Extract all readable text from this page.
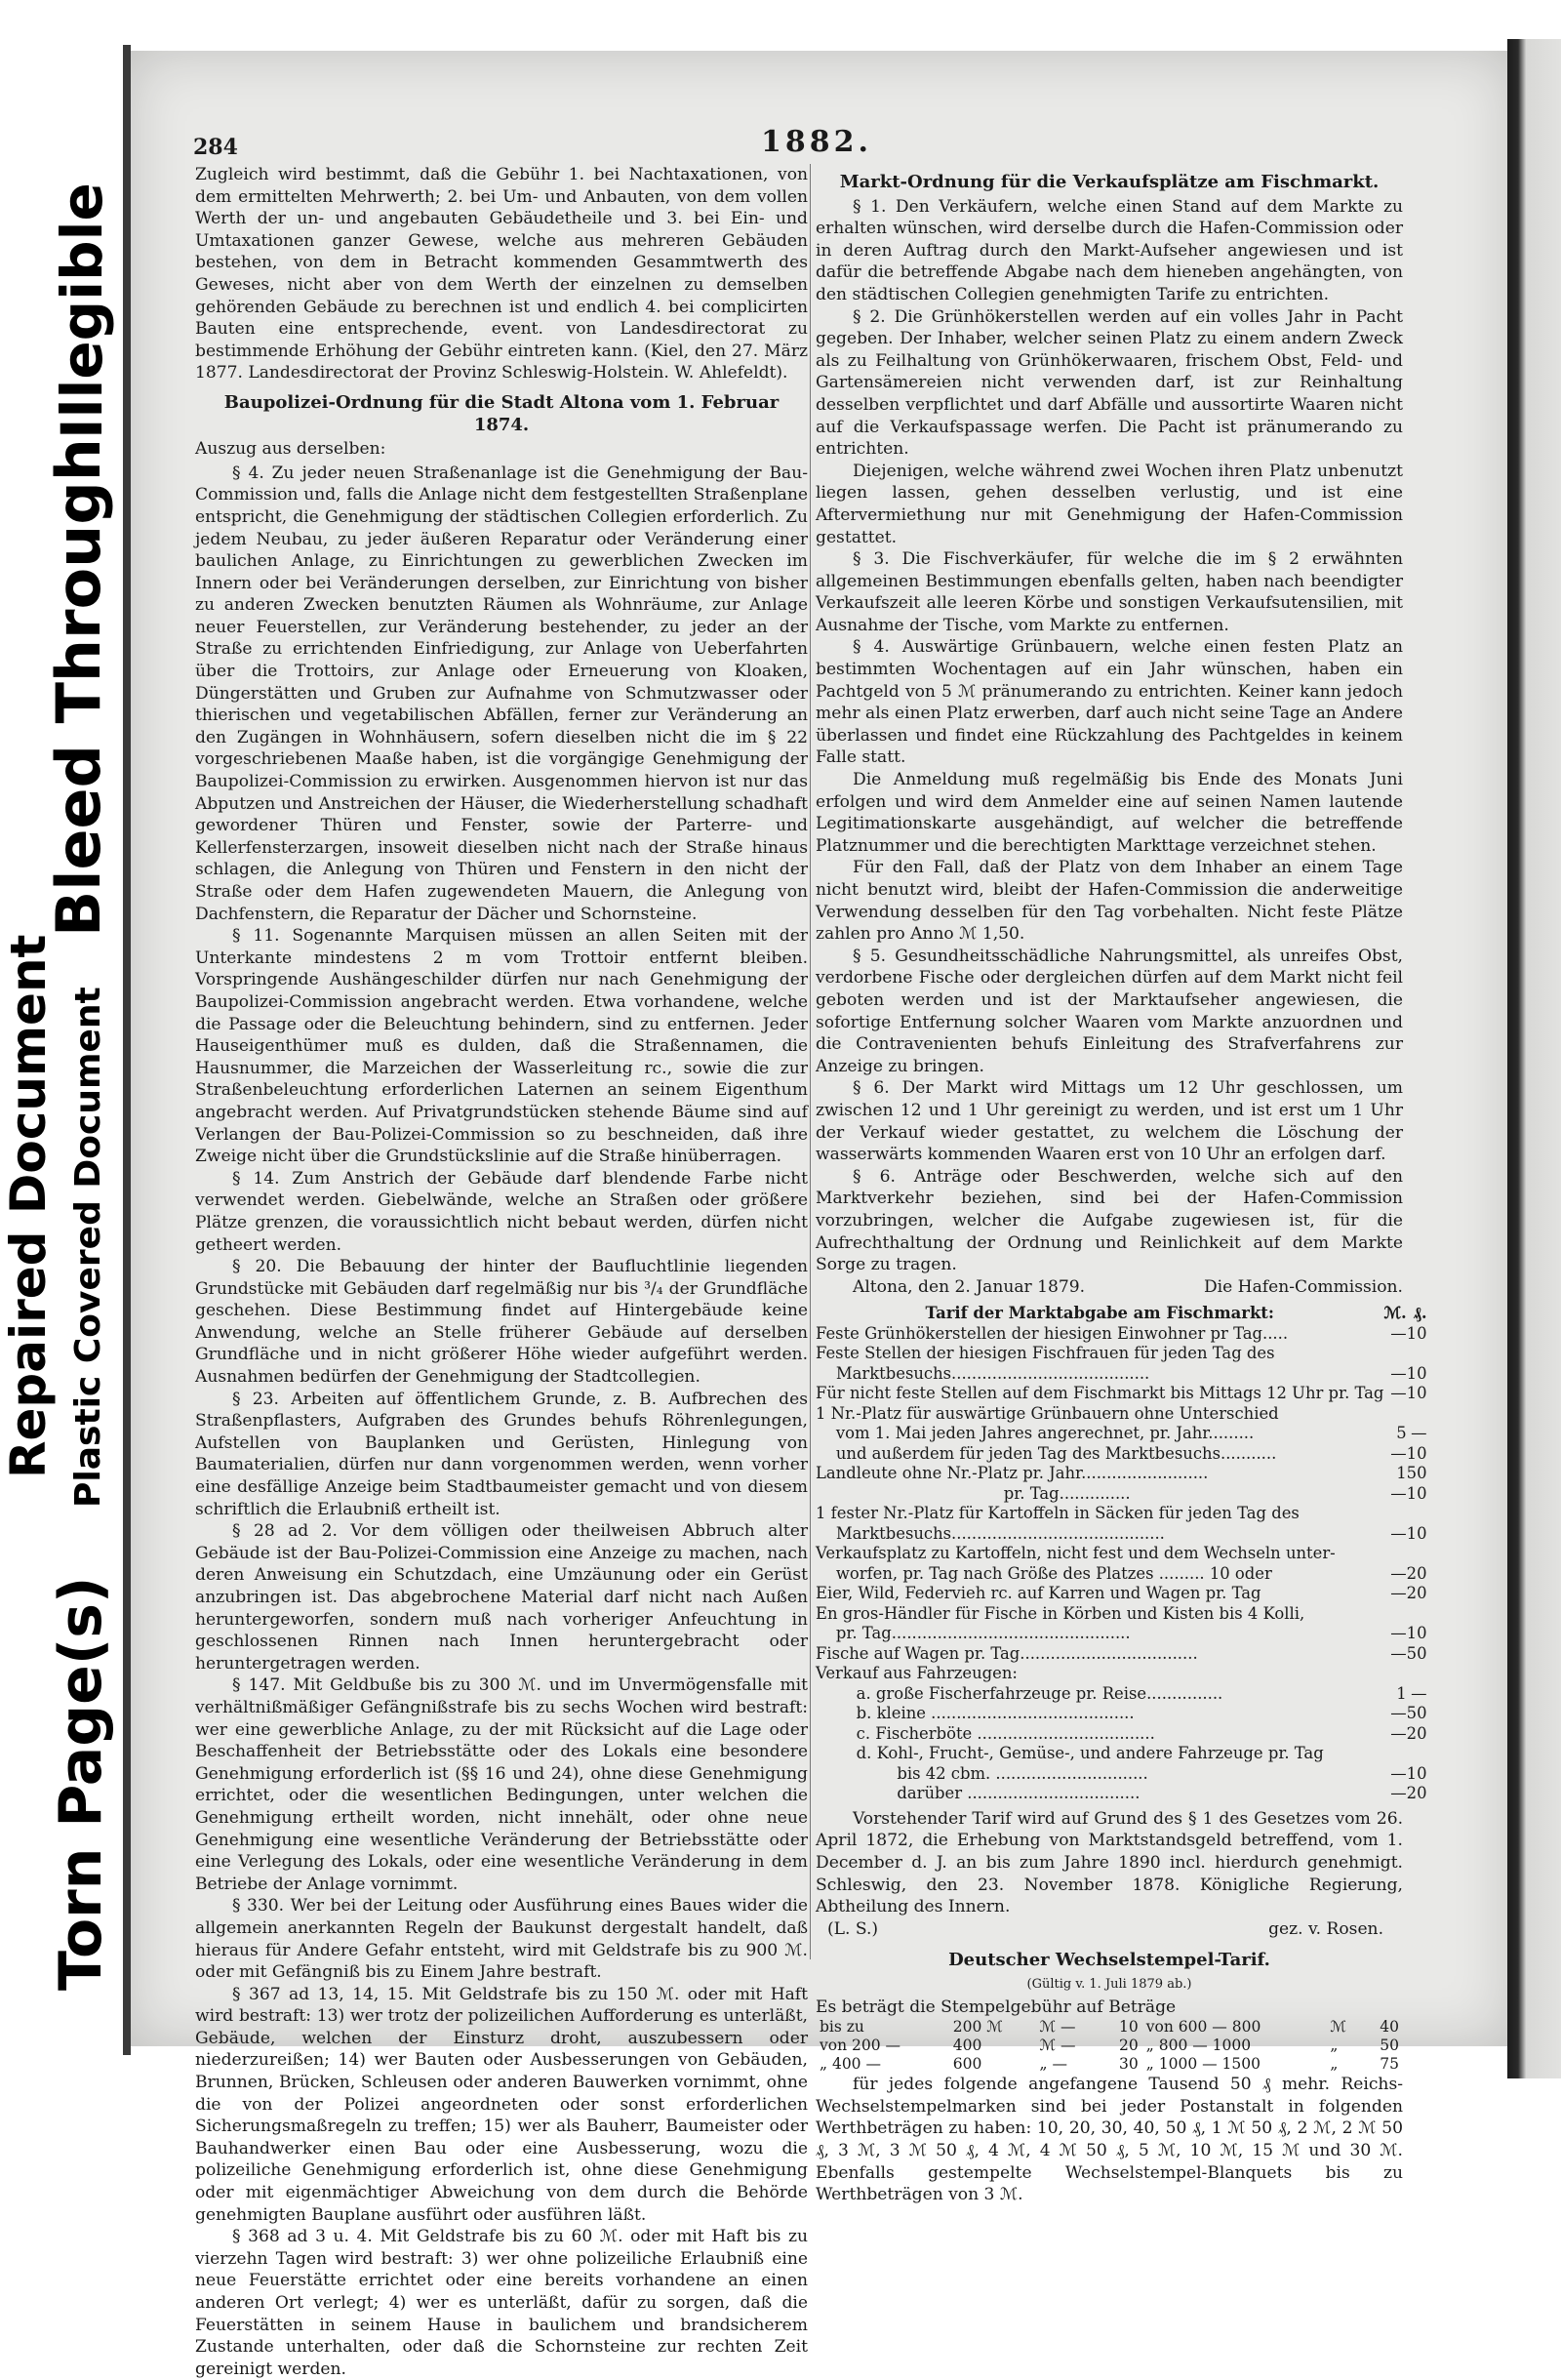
Torn Page(s)
Plastic Covered Document
Repaired Document
Bleed Through
Illegible
284	1882.

Zugleich wird bestimmt, daß die Gebühr 1. bei Nachtaxationen, von dem ermittelten Mehrwerth; 2. bei Um- und Anbauten, von dem vollen Werth der un- und angebauten Gebäudetheile und 3. bei Ein- und Umtaxationen ganzer Gewese, welche aus mehreren Gebäuden bestehen, von dem in Betracht kommenden Gesammtwerth des Gewesеs, nicht aber von dem Werth der einzelnen zu demselben gehörenden Gebäude zu berechnen ist und endlich 4. bei complicirten Bauten eine entsprechende, event. von Landesdirectorat zu bestimmende Erhöhung der Gebühr eintreten kann. (Kiel, den 27. März 1877. Landesdirectorat der Provinz Schleswig-Holstein. W. Ahlefeldt).

Baupolizei-Ordnung für die Stadt Altona vom 1. Februar 1874.

Auszug aus derselben:

§ 4. Zu jeder neuen Straßenanlage ist die Genehmigung der Bau-Commission und, falls die Anlage nicht dem festgestellten Straßenplane entspricht, die Genehmigung der städtischen Collegien erforderlich. Zu jedem Neubau, zu jeder äußeren Reparatur oder Veränderung einer baulichen Anlage, zu Einrichtungen zu gewerblichen Zwecken im Innern oder bei Veränderungen derselben, zur Einrichtung von bisher zu anderen Zwecken benutzten Räumen als Wohnräume, zur Anlage neuer Feuerstellen, zur Veränderung bestehender, zu jeder an der Straße zu errichtenden Einfriedigung, zur Anlage von Ueberfahrten über die Trottoirs, zur Anlage oder Erneuerung von Kloaken, Düngerstätten und Gruben zur Aufnahme von Schmutzwasser oder thierischen und vegetabilischen Abfällen, ferner zur Veränderung an den Zugängen in Wohnhäusern, sofern dieselben nicht die im § 22 vorgeschriebenen Maaße haben, ist die vorgängige Genehmigung der Baupolizei-Commission zu erwirken. Ausgenommen hiervon ist nur das Abputzen und Anstreichen der Häuser, die Wiederherstellung schadhaft gewordener Thüren und Fenster, sowie der Parterre- und Kellerfensterzargen, insoweit dieselben nicht nach der Straße hinaus schlagen, die Anlegung von Thüren und Fenstern in den nicht der Straße oder dem Hafen zugewendeten Mauern, die Anlegung von Dachfenstern, die Reparatur der Dächer und Schornsteine.

§ 11. Sogenannte Marquisen müssen an allen Seiten mit der Unterkante mindestens 2 m vom Trottoir entfernt bleiben. Vorspringende Aushängeschilder dürfen nur nach Genehmigung der Baupolizei-Commission angebracht werden. Etwa vorhandene, welche die Passage oder die Beleuchtung behindern, sind zu entfernen. Jeder Hauseigenthümer muß es dulden, daß die Straßennamen, die Hausnummer, die Marzeichen der Wasserleitung rc., sowie die zur Straßenbeleuchtung erforderlichen Laternen an seinem Eigenthum angebracht werden. Auf Privatgrundstücken stehende Bäume sind auf Verlangen der Bau-Polizei-Commission so zu beschneiden, daß ihre Zweige nicht über die Grundstückslinie auf die Straße hinüberragen.

§ 14. Zum Anstrich der Gebäude darf blendende Farbe nicht verwendet werden. Giebelwände, welche an Straßen oder größere Plätze grenzen, die voraussichtlich nicht bebaut werden, dürfen nicht getheert werden.

§ 20. Die Bebauung der hinter der Baufluchtlinie liegenden Grundstücke mit Gebäuden darf regelmäßig nur bis ³/₄ der Grundfläche geschehen. Diese Bestimmung findet auf Hintergebäude keine Anwendung, welche an Stelle früherer Gebäude auf derselben Grundfläche und in nicht größerer Höhe wieder aufgeführt werden. Ausnahmen bedürfen der Genehmigung der Stadtcollegien.

§ 23. Arbeiten auf öffentlichem Grunde, z. B. Aufbrechen des Straßenpflasters, Aufgraben des Grundes behufs Röhrenlegungen, Aufstellen von Bauplanken und Gerüsten, Hinlegung von Baumaterialien, dürfen nur dann vorgenommen werden, wenn vorher eine desfällige Anzeige beim Stadtbaumeister gemacht und von diesem schriftlich die Erlaubniß ertheilt ist.

§ 28 ad 2. Vor dem völligen oder theilweisen Abbruch alter Gebäude ist der Bau-Polizei-Commission eine Anzeige zu machen, nach deren Anweisung ein Schutzdach, eine Umzäunung oder ein Gerüst anzubringen ist. Das abgebrochene Material darf nicht nach Außen heruntergeworfen, sondern muß nach vorheriger Anfeuchtung in geschlossenen Rinnen nach Innen heruntergebracht oder heruntergetragen werden.

§ 147. Mit Geldbuße bis zu 300 ℳ. und im Unvermögensfalle mit verhältnißmäßiger Gefängnißstrafe bis zu sechs Wochen wird bestraft: wer eine gewerbliche Anlage, zu der mit Rücksicht auf die Lage oder Beschaffenheit der Betriebsstätte oder des Lokals eine besondere Genehmigung erforderlich ist (§§ 16 und 24), ohne diese Genehmigung errichtet, oder die wesentlichen Bedingungen, unter welchen die Genehmigung ertheilt worden, nicht innehält, oder ohne neue Genehmigung eine wesentliche Veränderung der Betriebsstätte oder eine Verlegung des Lokals, oder eine wesentliche Veränderung in dem Betriebe der Anlage vornimmt.

§ 330. Wer bei der Leitung oder Ausführung eines Baues wider die allgemein anerkannten Regeln der Baukunst dergestalt handelt, daß hieraus für Andere Gefahr entsteht, wird mit Geldstrafe bis zu 900 ℳ. oder mit Gefängniß bis zu Einem Jahre bestraft.

§ 367 ad 13, 14, 15. Mit Geldstrafe bis zu 150 ℳ. oder mit Haft wird bestraft: 13) wer trotz der polizeilichen Aufforderung es unterläßt, Gebäude, welchen der Einsturz droht, auszubessern oder niederzureißen; 14) wer Bauten oder Ausbesserungen von Gebäuden, Brunnen, Brücken, Schleusen oder anderen Bauwerken vornimmt, ohne die von der Polizei angeordneten oder sonst erforderlichen Sicherungsmaßregeln zu treffen; 15) wer als Bauherr, Baumeister oder Bauhandwerker einen Bau oder eine Ausbesserung, wozu die polizeiliche Genehmigung erforderlich ist, ohne diese Genehmigung oder mit eigenmächtiger Abweichung von dem durch die Behörde genehmigten Bauplane ausführt oder ausführen läßt.

§ 368 ad 3 u. 4. Mit Geldstrafe bis zu 60 ℳ. oder mit Haft bis zu vierzehn Tagen wird bestraft: 3) wer ohne polizeiliche Erlaubniß eine neue Feuerstätte errichtet oder eine bereits vorhandene an einen anderen Ort verlegt; 4) wer es unterläßt, dafür zu sorgen, daß die Feuerstätten in seinem Hause in baulichem und brandsicherem Zustande unterhalten, oder daß die Schornsteine zur rechten Zeit gereinigt werden.

Markt-Ordnung für die Verkaufsplätze am Fischmarkt.

§ 1. Den Verkäufern, welche einen Stand auf dem Markte zu erhalten wünschen, wird derselbe durch die Hafen-Commission oder in deren Auftrag durch den Markt-Aufseher angewiesen und ist dafür die betreffende Abgabe nach dem hieneben angehängten, von den städtischen Collegien genehmigten Tarife zu entrichten.

§ 2. Die Grünhökerstellen werden auf ein volles Jahr in Pacht gegeben. Der Inhaber, welcher seinen Platz zu einem andern Zweck als zu Feilhaltung von Grünhökerwaaren, frischem Obst, Feld- und Gartensämereien nicht verwenden darf, ist zur Reinhaltung desselben verpflichtet und darf Abfälle und aussortirte Waaren nicht auf die Verkaufspassage werfen. Die Pacht ist pränumerando zu entrichten.

Diejenigen, welche während zwei Wochen ihren Platz unbenutzt liegen lassen, gehen desselben verlustig, und ist eine Aftervermiethung nur mit Genehmigung der Hafen-Commission gestattet.

§ 3. Die Fischverkäufer, für welche die im § 2 erwähnten allgemeinen Bestimmungen ebenfalls gelten, haben nach beendigter Verkaufszeit alle leeren Körbe und sonstigen Verkaufsutensilien, mit Ausnahme der Tische, vom Markte zu entfernen.

§ 4. Auswärtige Grünbauern, welche einen festen Platz an bestimmten Wochentagen auf ein Jahr wünschen, haben ein Pachtgeld von 5 ℳ pränumerando zu entrichten. Keiner kann jedoch mehr als einen Platz erwerben, darf auch nicht seine Tage an Andere überlassen und findet eine Rückzahlung des Pachtgeldes in keinem Falle statt.

Die Anmeldung muß regelmäßig bis Ende des Monats Juni erfolgen und wird dem Anmelder eine auf seinen Namen lautende Legitimationskarte ausgehändigt, auf welcher die betreffende Platznummer und die berechtigten Markttage verzeichnet stehen.

Für den Fall, daß der Platz von dem Inhaber an einem Tage nicht benutzt wird, bleibt der Hafen-Commission die anderweitige Verwendung desselben für den Tag vorbehalten. Nicht feste Plätze zahlen pro Anno ℳ 1,50.

§ 5. Gesundheitsschädliche Nahrungsmittel, als unreifes Obst, verdorbene Fische oder dergleichen dürfen auf dem Markt nicht feil geboten werden und ist der Marktaufseher angewiesen, die sofortige Entfernung solcher Waaren vom Markte anzuordnen und die Contravenienten behufs Einleitung des Strafverfahrens zur Anzeige zu bringen.

§ 6. Der Markt wird Mittags um 12 Uhr geschlossen, um zwischen 12 und 1 Uhr gereinigt zu werden, und ist erst um 1 Uhr der Verkauf wieder gestattet, zu welchem die Löschung der wasserwärts kommenden Waaren erst von 10 Uhr an erfolgen darf.

§ 6. Anträge oder Beschwerden, welche sich auf den Marktverkehr beziehen, sind bei der Hafen-Commission vorzubringen, welcher die Aufgabe zugewiesen ist, für die Aufrechthaltung der Ordnung und Reinlichkeit auf dem Markte Sorge zu tragen.

Altona, den 2. Januar 1879.	Die Hafen-Commission.
Tarif der Marktabgabe am Fischmarkt:	ℳ.	₰.
Feste Grünhökerstellen der hiesigen Einwohner pr Tag.....	—	10
Feste Stellen der hiesigen Fischfrauen für jeden Tag des		
Marktbesuchs.......................................	—	10
Für nicht feste Stellen auf dem Fischmarkt bis Mittags 12 Uhr pr. Tag	—	10
1 Nr.-Platz für auswärtige Grünbauern ohne Unterschied		
vom 1. Mai jeden Jahres angerechnet, pr. Jahr.........	5	—
und außerdem für jeden Tag des Marktbesuchs...........	—	10
Landleute ohne Nr.-Platz pr. Jahr.........................	1	50
pr. Tag..............	—	10
1 fester Nr.-Platz für Kartoffeln in Säcken für jeden Tag des		
Marktbesuchs..........................................	—	10
Verkaufsplatz zu Kartoffeln, nicht fest und dem Wechseln unter-		
worfen, pr. Tag nach Größe des Platzes ......... 10 oder	—	20
Eier, Wild, Federvieh rc. auf Karren und Wagen pr. Tag	—	20
En gros-Händler für Fische in Körben und Kisten bis 4 Kolli,		
pr. Tag...............................................	—	10
Fische auf Wagen pr. Tag...................................	—	50
Verkauf aus Fahrzeugen:		
a. große Fischerfahrzeuge pr. Reise...............	1	—
b. kleine ........................................	—	50
c. Fischerböte ...................................	—	20
d. Kohl-, Frucht-, Gemüse-, und andere Fahrzeuge pr. Tag		
bis 42 cbm. ..............................	—	10
darüber ..................................	—	20

Vorstehender Tarif wird auf Grund des § 1 des Gesetzes vom 26. April 1872, die Erhebung von Marktstandsgeld betreffend, vom 1. December d. J. an bis zum Jahre 1890 incl. hierdurch genehmigt. Schleswig, den 23. November 1878. Königliche Regierung, Abtheilung des Innern.

(L. S.)	gez. v. Rosen.
Deutscher Wechselstempel-Tarif.

(Gültig v. 1. Juli 1879 ab.)

Es beträgt die Stempelgebühr auf Beträge

bis zu	200 ℳ	ℳ —	10	von 600 — 800	ℳ	40
von 200 —	400	ℳ —	20	„ 800 — 1000	„	50
„ 400 —	600	„ —	30	„ 1000 — 1500	„	75

für jedes folgende angefangene Tausend 50 ₰ mehr. Reichs-Wechselstempelmarken sind bei jeder Postanstalt in folgenden Werthbeträgen zu haben: 10, 20, 30, 40, 50 ₰, 1 ℳ 50 ₰, 2 ℳ, 2 ℳ 50 ₰, 3 ℳ, 3 ℳ 50 ₰, 4 ℳ, 4 ℳ 50 ₰, 5 ℳ, 10 ℳ, 15 ℳ und 30 ℳ. Ebenfalls gestempelte Wechselstempel-Blanquets bis zu Werthbeträgen von 3 ℳ.
